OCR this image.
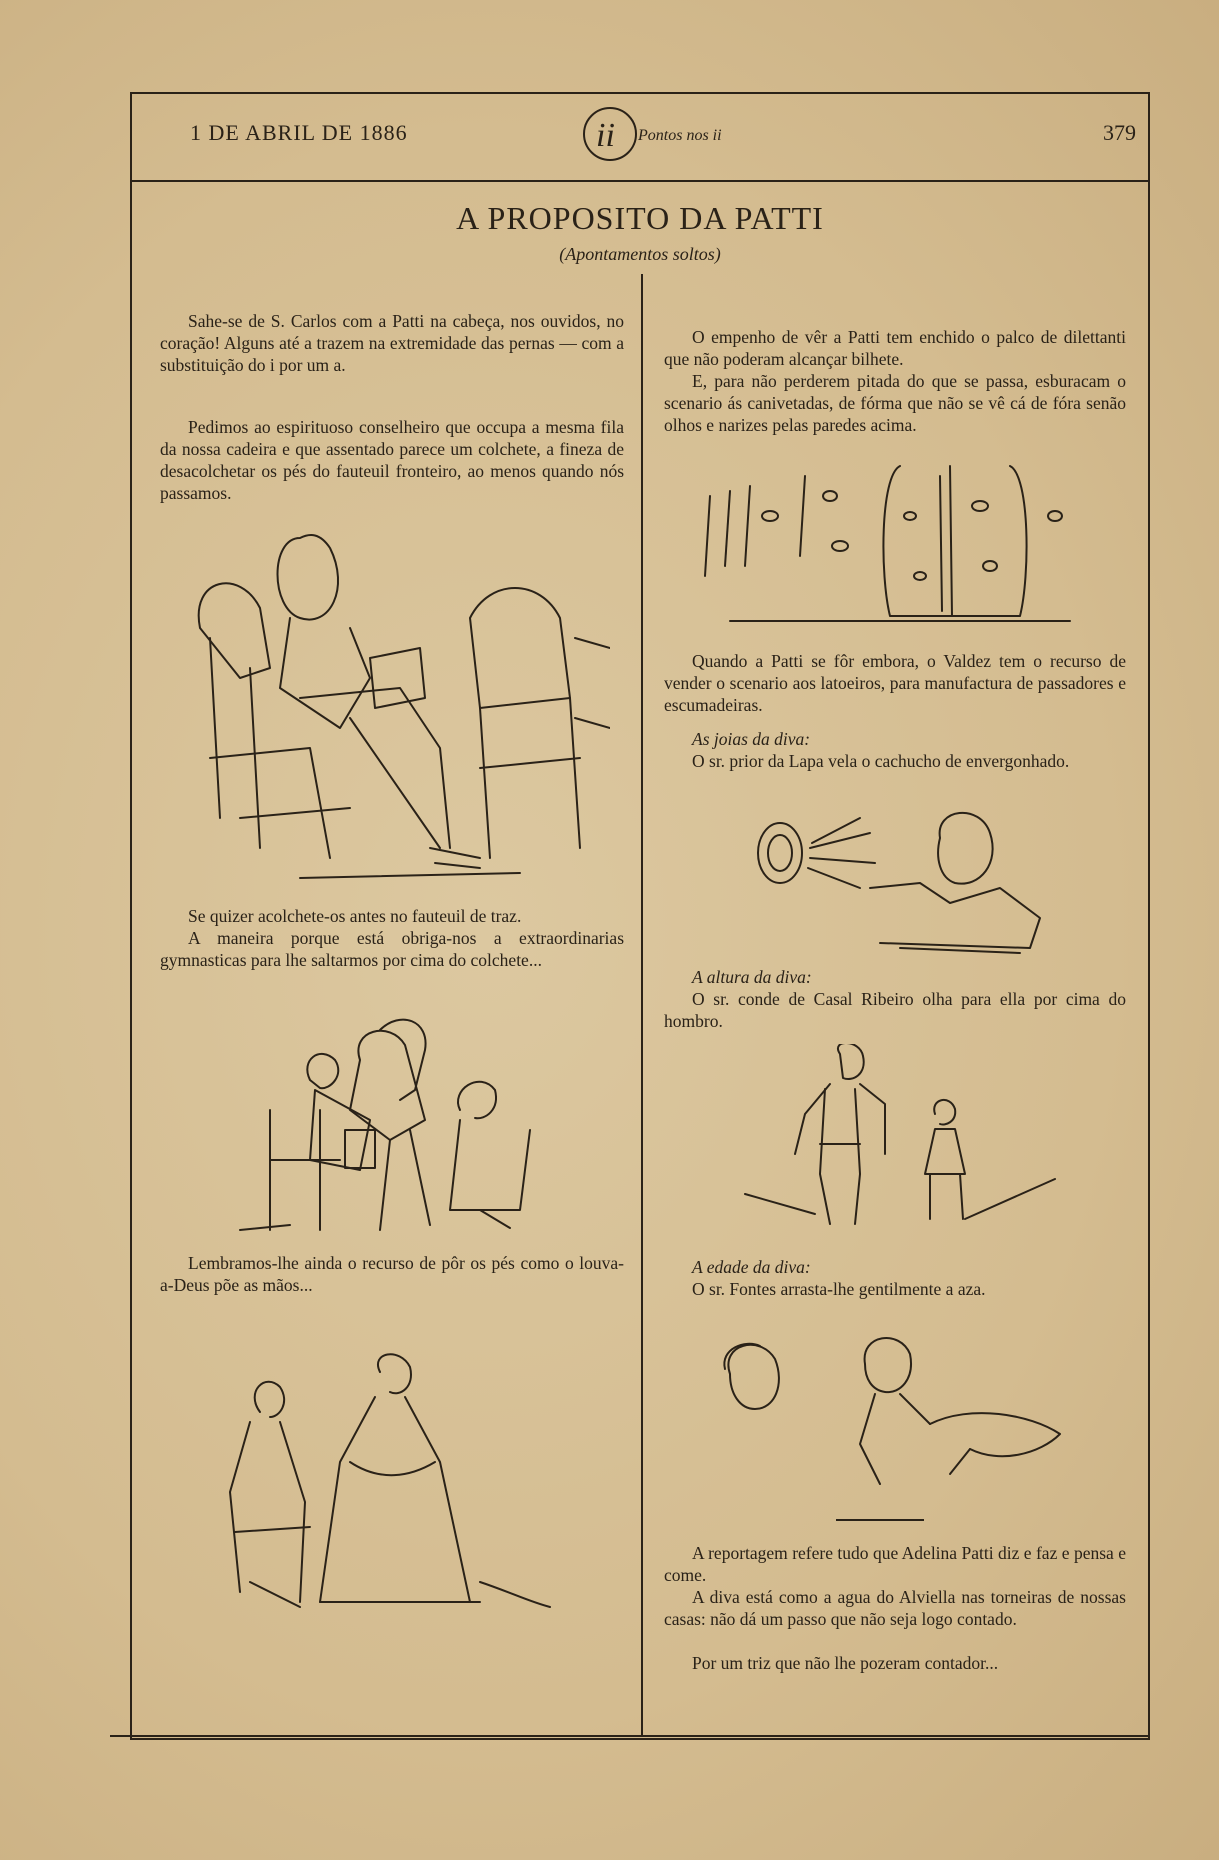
1 DE ABRIL DE 1886	ii Pontos nos ii	379
A PROPOSITO DA PATTI
(Apontamentos soltos)
Sahe-se de S. Carlos com a Patti na cabeça, nos ouvidos, no coração! Alguns até a trazem na extremidade das pernas — com a substituição do i por um a.
Pedimos ao espirituoso conselheiro que occupa a mesma fila da nossa cadeira e que assentado parece um colchete, a fineza de desacolchetar os pés do fauteuil fronteiro, ao menos quando nós passamos.
Se quizer acolchete-os antes no fauteuil de traz.
A maneira porque está obriga-nos a extraordinarias gymnasticas para lhe saltarmos por cima do colchete...
Lembramos-lhe ainda o recurso de pôr os pés como o louva-a-Deus põe as mãos...
O empenho de vêr a Patti tem enchido o palco de dilettanti que não poderam alcançar bilhete.
E, para não perderem pitada do que se passa, esburacam o scenario ás canivetadas, de fórma que não se vê cá de fóra senão olhos e narizes pelas paredes acima.
Quando a Patti se fôr embora, o Valdez tem o recurso de vender o scenario aos latoeiros, para manufactura de passadores e escumadeiras.
As joias da diva:
O sr. prior da Lapa vela o cachucho de envergonhado.
A altura da diva:
O sr. conde de Casal Ribeiro olha para ella por cima do hombro.
A edade da diva:
O sr. Fontes arrasta-lhe gentilmente a aza.
A reportagem refere tudo que Adelina Patti diz e faz e pensa e come.
A diva está como a agua do Alviella nas torneiras de nossas casas: não dá um passo que não seja logo contado.
Por um triz que não lhe pozeram contador...
